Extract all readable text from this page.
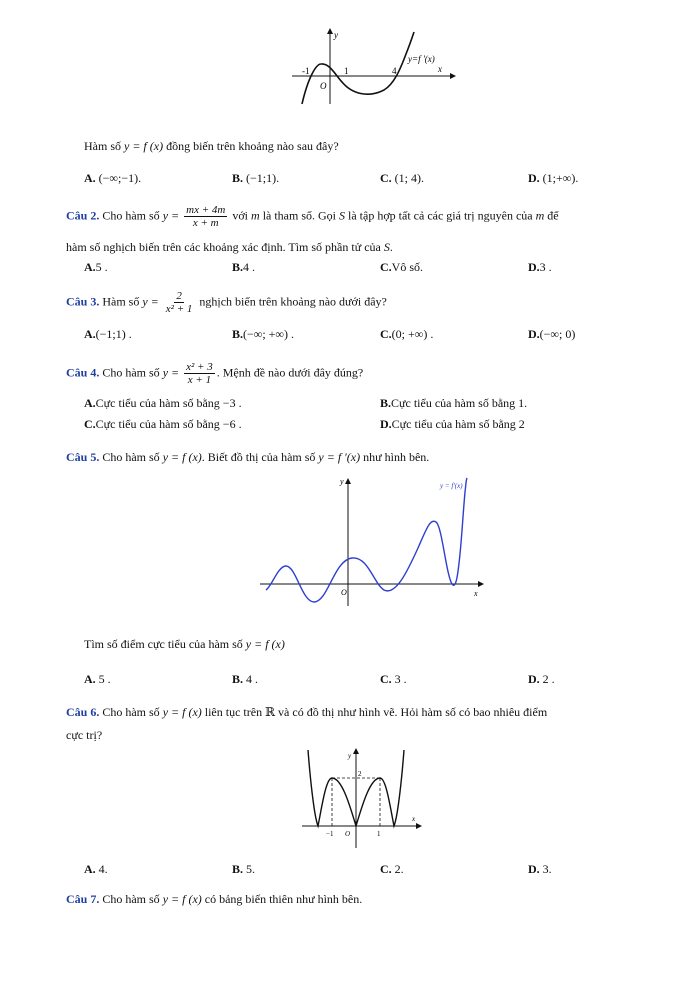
y
x
O
y=f '(x)
-1	1	4
Hàm số y = f (x) đồng biến trên khoảng nào sau đây?
A. (−∞;−1).	B. (−1;1).	C. (1; 4).	D. (1;+∞).
Câu 2. Cho hàm số $y = \frac{mx + 4m}{x + m}$ với m là tham số. Gọi S là tập hợp tất cả các giá trị nguyên của m để
hàm số nghịch biến trên các khoảng xác định. Tìm số phần tử của S.
A.5 .	B.4 .	C.Vô số.	D.3 .
Câu 3. Hàm số $y = \frac{2}{\text{x² + 1}}$ nghịch biến trên khoảng nào dưới đây?
A.(−1;1) .	B.(−∞; +∞) .	C.(0; +∞) .	D.(−∞; 0)
Câu 4. Cho hàm số $y = \frac{\text{x² + 3}}{x + 1}$ . Mệnh đề nào dưới đây đúng?
A.Cực tiểu của hàm số bằng −3 .	B.Cực tiểu của hàm số bằng 1.
C.Cực tiểu của hàm số bằng −6 .	D.Cực tiểu của hàm số bằng 2
Câu 5. Cho hàm số y = f (x). Biết đồ thị của hàm số y = f ′(x) như hình bên.
y
x
O
y = f′(x)
Tìm số điểm cực tiểu của hàm số y = f (x)
A. 5 .	B. 4 .	C. 3 .	D. 2 .
Câu 6. Cho hàm số y = f (x) liên tục trên ℝ và có đồ thị như hình vẽ. Hỏi hàm số có bao nhiêu điểm
cực trị?
y
x
O
−1	1
2
A. 4.	B. 5.	C. 2.	D. 3.
Câu 7. Cho hàm số y = f (x) có bảng biến thiên như hình bên.
